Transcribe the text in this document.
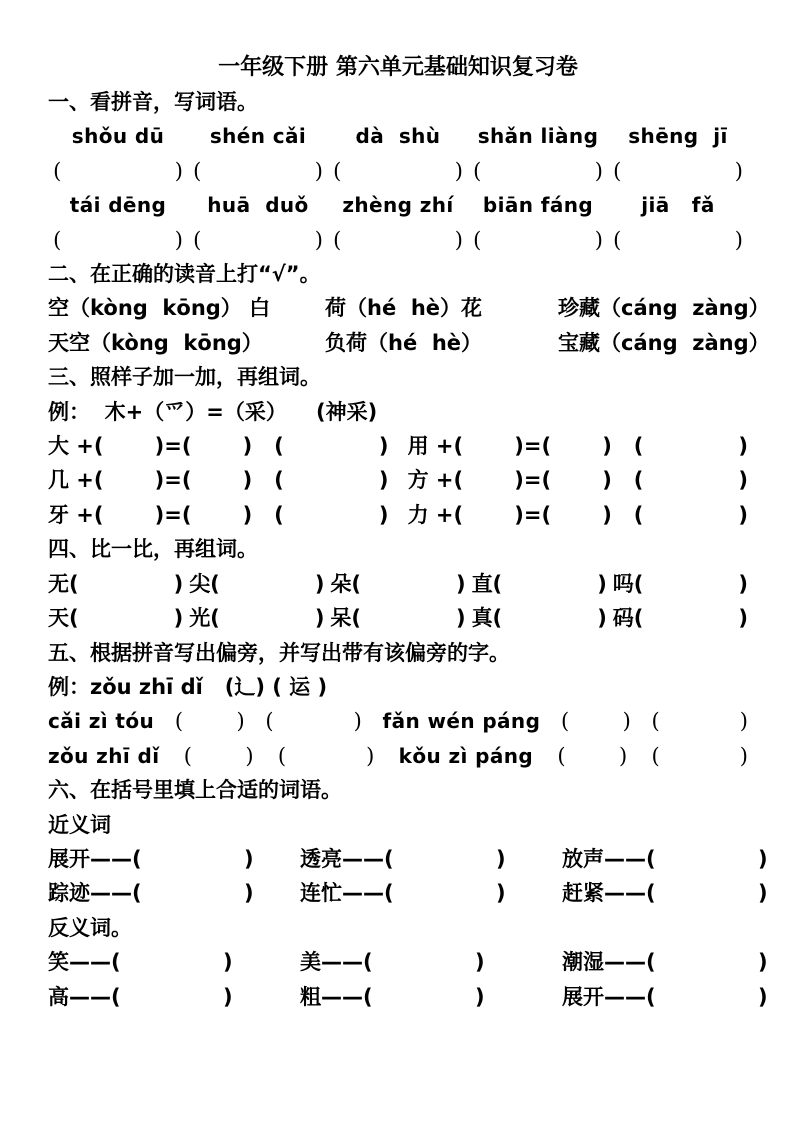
一年级下册 第六单元基础知识复习卷
一、看拼音，写词语。
shǒu dū shén cǎi dà  shù shǎn liàng shēng  jī
(                 ) (                 ) (                 ) (                 ) (                 )
tái dēng huā  duǒ zhèng zhí biān fáng jiā   fǎ
(                 ) (                 ) (                 ) (                 ) (                 )
二、在正确的读音上打“√”。
空（kòng  kōng） 白	荷（hé  hè）花	珍藏（cáng  zàng）
天空（kòng  kōng）	负荷（hé  hè）	宝藏（cáng  zàng）
三、照样子加一加，再组词。
例：  木+（爫）=（采）    (神采)
大 +(       )=(       )   (             ) 用 +(       )=(       )   (             )
几 +(       )=(       )   (             ) 方 +(       )=(       )   (             )
牙 +(       )=(       )   (             ) 力 +(       )=(       )   (             )
四、比一比，再组词。
无(             ) 尖(             ) 朵(             ) 直(             ) 吗(             )
天(             ) 光(             ) 呆(             ) 真(             ) 码(             )
五、根据拼音写出偏旁，并写出带有该偏旁的字。
例：zǒu zhī dǐ   (辶) ( 运 )
cǎi zì tóu (        ) (            ) fǎn wén páng (        ) (            )
zǒu zhī dǐ (        ) (            ) kǒu zì páng (        ) (            )
六、在括号里填上合适的词语。
近义词
展开——(              )	透亮——(              )	放声——(              )
踪迹——(              )	连忙——(              )	赶紧——(              )
反义词。
笑——(              )	美——(              )	潮湿——(              )
高——(              )	粗——(              )	展开——(              )
